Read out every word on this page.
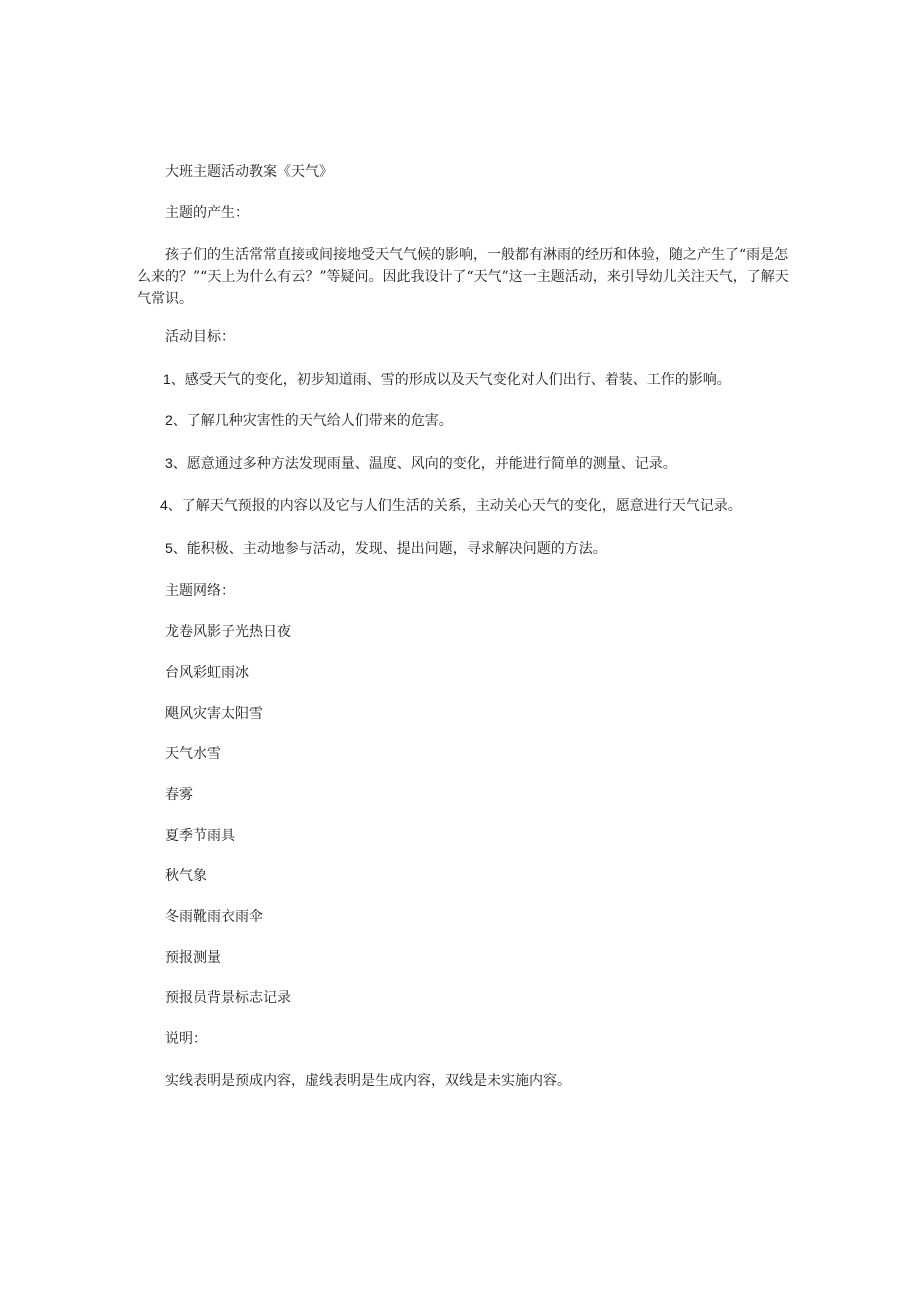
大班主题活动教案《天气》
主题的产生：
孩子们的生活常常直接或间接地受天气气候的影响，一般都有淋雨的经历和体验，随之产生了“雨是怎么来的？”“天上为什么有云？”等疑问。因此我设计了“天气”这一主题活动，来引导幼儿关注天气，了解天气常识。
活动目标：
1、感受天气的变化，初步知道雨、雪的形成以及天气变化对人们出行、着装、工作的影响。
2、了解几种灾害性的天气给人们带来的危害。
3、愿意通过多种方法发现雨量、温度、风向的变化，并能进行简单的测量、记录。
4、了解天气预报的内容以及它与人们生活的关系，主动关心天气的变化，愿意进行天气记录。
5、能积极、主动地参与活动，发现、提出问题，寻求解决问题的方法。
主题网络：
龙卷风影子光热日夜
台风彩虹雨冰
飓风灾害太阳雪
天气水雪
春雾
夏季节雨具
秋气象
冬雨靴雨衣雨伞
预报测量
预报员背景标志记录
说明：
实线表明是预成内容，虚线表明是生成内容，双线是未实施内容。
